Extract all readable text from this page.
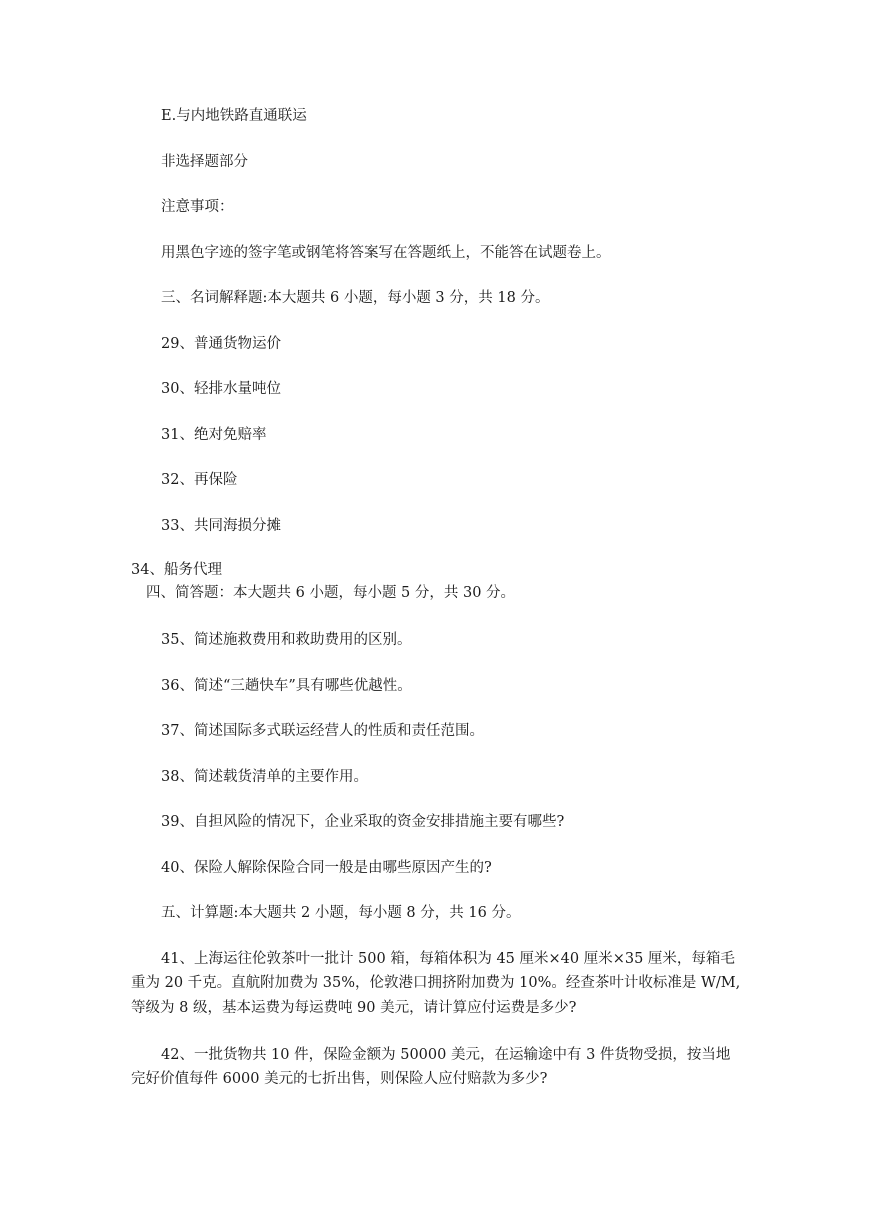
E.与内地铁路直通联运
非选择题部分
注意事项：
用黑色字迹的签字笔或钢笔将答案写在答题纸上，不能答在试题卷上。
三、名词解释题:本大题共 6 小题，每小题 3 分，共 18 分。
29、普通货物运价
30、轻排水量吨位
31、绝对免赔率
32、再保险
33、共同海损分摊
34、船务代理
四、简答题：本大题共 6 小题，每小题 5 分，共 30 分。
35、简述施救费用和救助费用的区别。
36、简述“三趟快车”具有哪些优越性。
37、简述国际多式联运经营人的性质和责任范围。
38、简述载货清单的主要作用。
39、自担风险的情况下，企业采取的资金安排措施主要有哪些?
40、保险人解除保险合同一般是由哪些原因产生的?
五、计算题:本大题共 2 小题，每小题 8 分，共 16 分。
41、上海运往伦敦茶叶一批计 500 箱，每箱体积为 45 厘米×40 厘米×35 厘米，每箱毛
重为 20 千克。直航附加费为 35%，伦敦港口拥挤附加费为 10%。经查茶叶计收标准是 W/M,
等级为 8 级，基本运费为每运费吨 90 美元，请计算应付运费是多少?
42、一批货物共 10 件，保险金额为 50000 美元，在运输途中有 3 件货物受损，按当地
完好价值每件 6000 美元的七折出售，则保险人应付赔款为多少?
